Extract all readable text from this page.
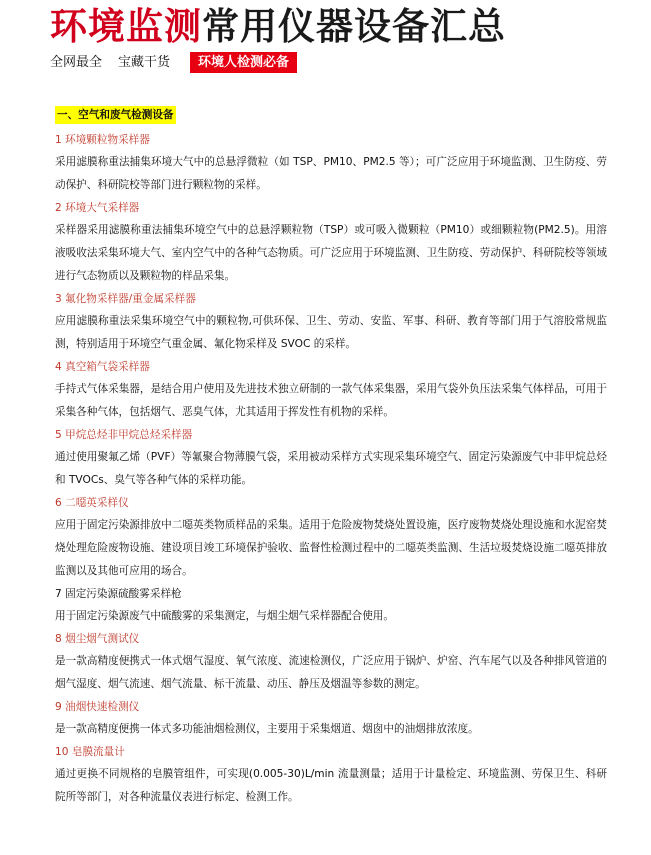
环境监测常用仪器设备汇总
全网最全 宝藏干货	环境人检测必备
一、空气和废气检测设备
1 环境颗粒物采样器
采用滤膜称重法捕集环境大气中的总悬浮微粒（如 TSP、PM10、PM2.5 等）；可广泛应用于环境监测、卫生防疫、劳动保护、科研院校等部门进行颗粒物的采样。
2 环境大气采样器
采样器采用滤膜称重法捕集环境空气中的总悬浮颗粒物（TSP）或可吸入微颗粒（PM10）或细颗粒物(PM2.5)。用溶液吸收法采集环境大气、室内空气中的各种气态物质。可广泛应用于环境监测、卫生防疫、劳动保护、科研院校等领域进行气态物质以及颗粒物的样品采集。
3 氟化物采样器/重金属采样器
应用滤膜称重法采集环境空气中的颗粒物,可供环保、卫生、劳动、安监、军事、科研、教育等部门用于气溶胶常规监测，特别适用于环境空气重金属、氟化物采样及 SVOC 的采样。
4 真空箱气袋采样器
手持式气体采集器，是结合用户使用及先进技术独立研制的一款气体采集器，采用气袋外负压法采集气体样品，可用于采集各种气体，包括烟气、恶臭气体，尤其适用于挥发性有机物的采样。
5 甲烷总烃非甲烷总烃采样器
通过使用聚氟乙烯（PVF）等氟聚合物薄膜气袋，采用被动采样方式实现采集环境空气、固定污染源废气中非甲烷总烃和 TVOCs、臭气等各种气体的采样功能。
6 二噁英采样仪
应用于固定污染源排放中二噁英类物质样品的采集。适用于危险废物焚烧处置设施，医疗废物焚烧处理设施和水泥窑焚烧处理危险废物设施、建设项目竣工环境保护验收、监督性检测过程中的二噁英类监测、生活垃圾焚烧设施二噁英排放监测以及其他可应用的场合。
7 固定污染源硫酸雾采样枪
用于固定污染源废气中硫酸雾的采集测定，与烟尘烟气采样器配合使用。
8 烟尘烟气测试仪
是一款高精度便携式一体式烟气湿度、氧气浓度、流速检测仪，广泛应用于锅炉、炉窑、汽车尾气以及各种排风管道的烟气湿度、烟气流速、烟气流量、标干流量、动压、静压及烟温等参数的测定。
9 油烟快速检测仪
是一款高精度便携一体式多功能油烟检测仪，主要用于采集烟道、烟囱中的油烟排放浓度。
10 皂膜流量计
通过更换不同规格的皂膜管组件，可实现(0.005-30)L/min 流量测量；适用于计量检定、环境监测、劳保卫生、科研院所等部门，对各种流量仪表进行标定、检测工作。
